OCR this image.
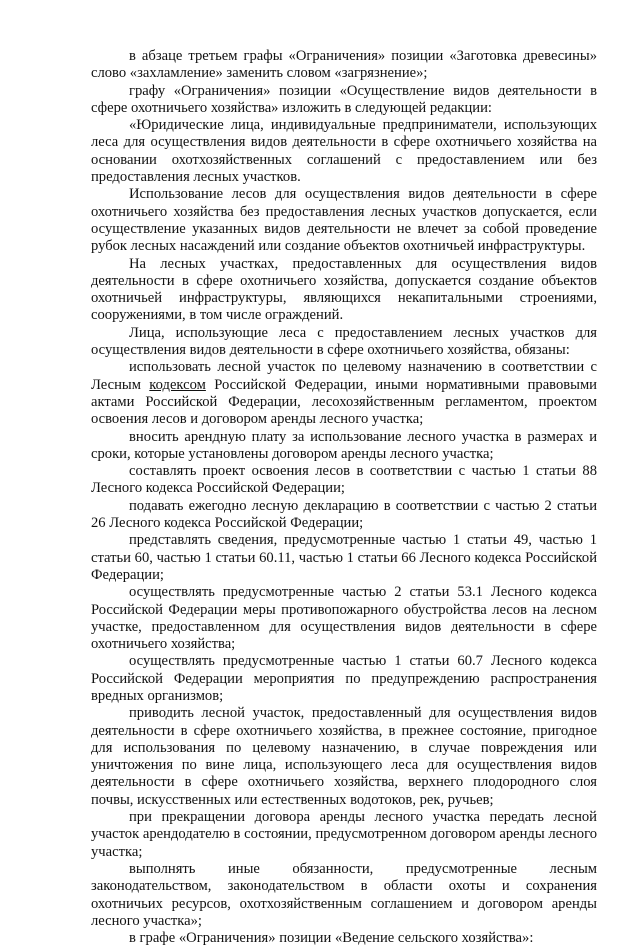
в абзаце третьем графы «Ограничения» позиции «Заготовка древесины» слово «захламление» заменить словом «загрязнение»;

графу «Ограничения» позиции «Осуществление видов деятельности в сфере охотничьего хозяйства» изложить в следующей редакции:

«Юридические лица, индивидуальные предприниматели, использующих леса для осуществления видов деятельности в сфере охотничьего хозяйства на основании охотхозяйственных соглашений с предоставлением или без предоставления лесных участков.

Использование лесов для осуществления видов деятельности в сфере охотничьего хозяйства без предоставления лесных участков допускается, если осуществление указанных видов деятельности не влечет за собой проведение рубок лесных насаждений или создание объектов охотничьей инфраструктуры.

На лесных участках, предоставленных для осуществления видов деятельности в сфере охотничьего хозяйства, допускается создание объектов охотничьей инфраструктуры, являющихся некапитальными строениями, сооружениями, в том числе ограждений.

Лица, использующие леса с предоставлением лесных участков для осуществления видов деятельности в сфере охотничьего хозяйства, обязаны:

использовать лесной участок по целевому назначению в соответствии с Лесным кодексом Российской Федерации, иными нормативными правовыми актами Российской Федерации, лесохозяйственным регламентом, проектом освоения лесов и договором аренды лесного участка;

вносить арендную плату за использование лесного участка в размерах и сроки, которые установлены договором аренды лесного участка;

составлять проект освоения лесов в соответствии с частью 1 статьи 88 Лесного кодекса Российской Федерации;

подавать ежегодно лесную декларацию в соответствии с частью 2 статьи 26 Лесного кодекса Российской Федерации;

представлять сведения, предусмотренные частью 1 статьи 49, частью 1 статьи 60, частью 1 статьи 60.11, частью 1 статьи 66 Лесного кодекса Российской Федерации;

осуществлять предусмотренные частью 2 статьи 53.1 Лесного кодекса Российской Федерации меры противопожарного обустройства лесов на лесном участке, предоставленном для осуществления видов деятельности в сфере охотничьего хозяйства;

осуществлять предусмотренные частью 1 статьи 60.7 Лесного кодекса Российской Федерации мероприятия по предупреждению распространения вредных организмов;

приводить лесной участок, предоставленный для осуществления видов деятельности в сфере охотничьего хозяйства, в прежнее состояние, пригодное для использования по целевому назначению, в случае повреждения или уничтожения по вине лица, использующего леса для осуществления видов деятельности в сфере охотничьего хозяйства, верхнего плодородного слоя почвы, искусственных или естественных водотоков, рек, ручьев;

при прекращении договора аренды лесного участка передать лесной участок арендодателю в состоянии, предусмотренном договором аренды лесного участка;

выполнять иные обязанности, предусмотренные лесным законодательством, законодательством в области охоты и сохранения охотничьих ресурсов, охотхозяйственным соглашением и договором аренды лесного участка»;

в графе «Ограничения» позиции «Ведение сельского хозяйства»:
